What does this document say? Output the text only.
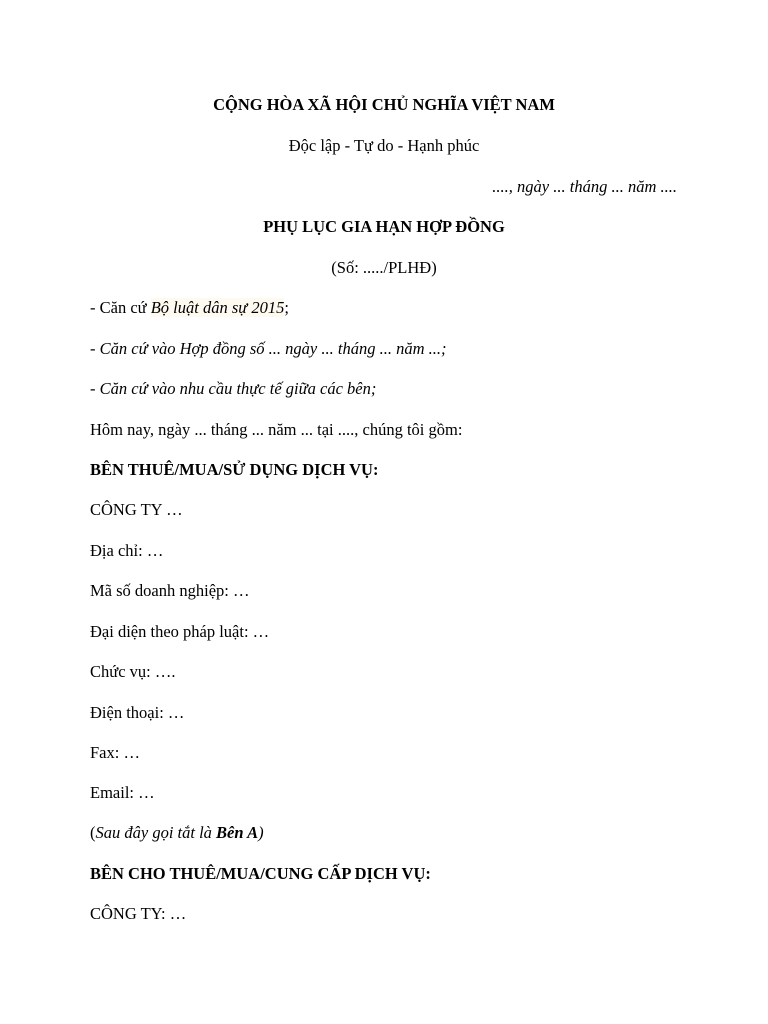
CỘNG HÒA XÃ HỘI CHỦ NGHĨA VIỆT NAM
Độc lập - Tự do - Hạnh phúc
...., ngày ... tháng ... năm ....
PHỤ LỤC GIA HẠN HỢP ĐỒNG
(Số: ...../PLHĐ)
- Căn cứ Bộ luật dân sự 2015;
- Căn cứ vào Hợp đồng số ... ngày ... tháng ... năm ...;
- Căn cứ vào nhu cầu thực tế giữa các bên;
Hôm nay, ngày ... tháng ... năm ... tại ...., chúng tôi gồm:
BÊN THUÊ/MUA/SỬ DỤNG DỊCH VỤ:
CÔNG TY …
Địa chỉ: …
Mã số doanh nghiệp: …
Đại diện theo pháp luật: …
Chức vụ: ….
Điện thoại: …
Fax: …
Email: …
(Sau đây gọi tắt là Bên A)
BÊN CHO THUÊ/MUA/CUNG CẤP DỊCH VỤ:
CÔNG TY: …
